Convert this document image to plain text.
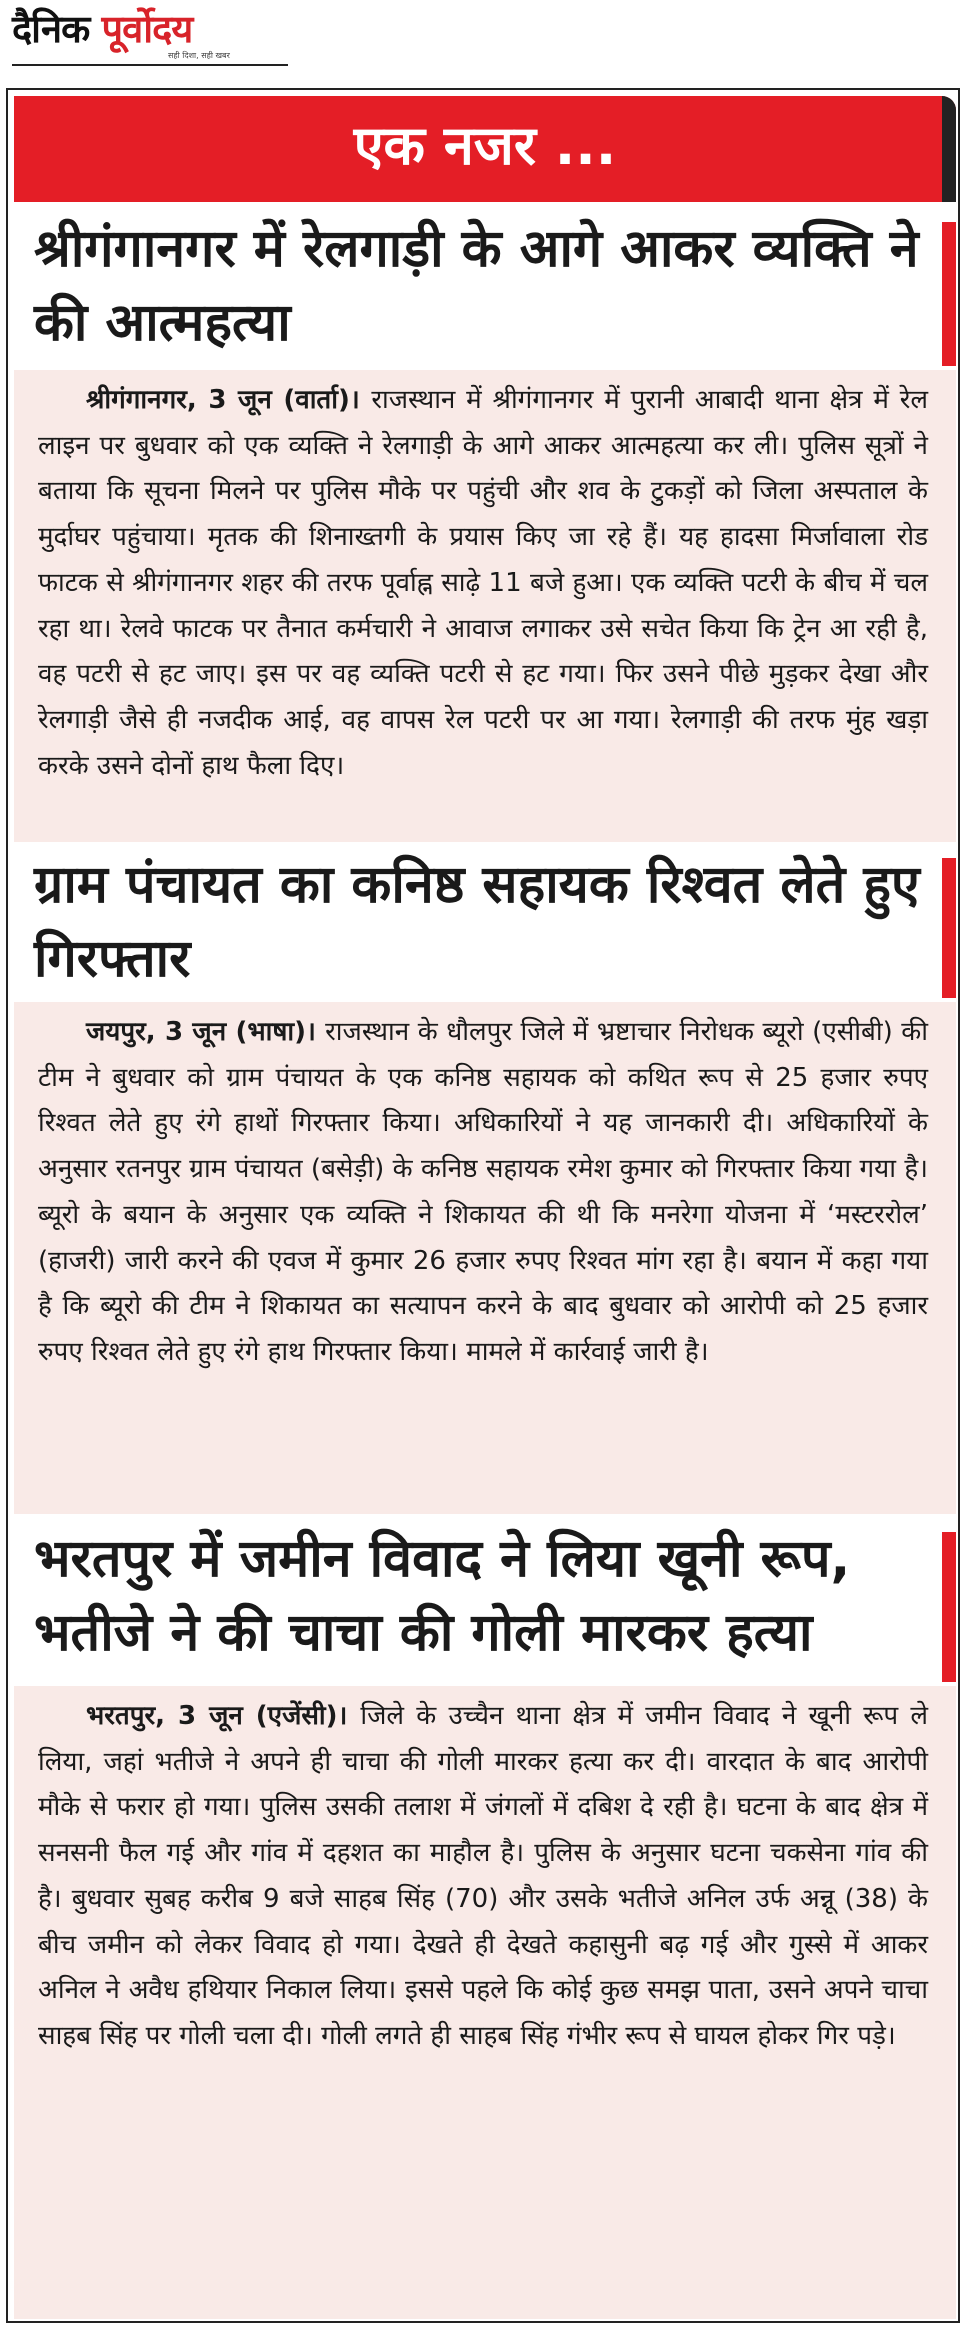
दैनिक पूर्वोदय
सही दिशा, सही खबर
एक नजर ...
श्रीगंगानगर में रेलगाड़ी के आगे आकर व्यक्ति ने की आत्महत्या
श्रीगंगानगर, 3 जून (वार्ता)। राजस्थान में श्रीगंगानगर में पुरानी आबादी थाना क्षेत्र में रेल लाइन पर बुधवार को एक व्यक्ति ने रेलगाड़ी के आगे आकर आत्महत्या कर ली। पुलिस सूत्रों ने बताया कि सूचना मिलने पर पुलिस मौके पर पहुंची और शव के टुकड़ों को जिला अस्पताल के मुर्दाघर पहुंचाया। मृतक की शिनाख्तगी के प्रयास किए जा रहे हैं। यह हादसा मिर्जावाला रोड फाटक से श्रीगंगानगर शहर की तरफ पूर्वाह्न साढ़े 11 बजे हुआ। एक व्यक्ति पटरी के बीच में चल रहा था। रेलवे फाटक पर तैनात कर्मचारी ने आवाज लगाकर उसे सचेत किया कि ट्रेन आ रही है, वह पटरी से हट जाए। इस पर वह व्यक्ति पटरी से हट गया। फिर उसने पीछे मुड़कर देखा और रेलगाड़ी जैसे ही नजदीक आई, वह वापस रेल पटरी पर आ गया। रेलगाड़ी की तरफ मुंह खड़ा करके उसने दोनों हाथ फैला दिए।
ग्राम पंचायत का कनिष्ठ सहायक रिश्वत लेते हुए गिरफ्तार
जयपुर, 3 जून (भाषा)। राजस्थान के धौलपुर जिले में भ्रष्टाचार निरोधक ब्यूरो (एसीबी) की टीम ने बुधवार को ग्राम पंचायत के एक कनिष्ठ सहायक को कथित रूप से 25 हजार रुपए रिश्वत लेते हुए रंगे हाथों गिरफ्तार किया। अधिकारियों ने यह जानकारी दी। अधिकारियों के अनुसार रतनपुर ग्राम पंचायत (बसेड़ी) के कनिष्ठ सहायक रमेश कुमार को गिरफ्तार किया गया है। ब्यूरो के बयान के अनुसार एक व्यक्ति ने शिकायत की थी कि मनरेगा योजना में ‘मस्टररोल’ (हाजरी) जारी करने की एवज में कुमार 26 हजार रुपए रिश्वत मांग रहा है। बयान में कहा गया है कि ब्यूरो की टीम ने शिकायत का सत्यापन करने के बाद बुधवार को आरोपी को 25 हजार रुपए रिश्वत लेते हुए रंगे हाथ गिरफ्तार किया। मामले में कार्रवाई जारी है।
भरतपुर में जमीन विवाद ने लिया खूनी रूप, भतीजे ने की चाचा की गोली मारकर हत्या
भरतपुर, 3 जून (एजेंसी)। जिले के उच्चैन थाना क्षेत्र में जमीन विवाद ने खूनी रूप ले लिया, जहां भतीजे ने अपने ही चाचा की गोली मारकर हत्या कर दी। वारदात के बाद आरोपी मौके से फरार हो गया। पुलिस उसकी तलाश में जंगलों में दबिश दे रही है। घटना के बाद क्षेत्र में सनसनी फैल गई और गांव में दहशत का माहौल है। पुलिस के अनुसार घटना चकसेना गांव की है। बुधवार सुबह करीब 9 बजे साहब सिंह (70) और उसके भतीजे अनिल उर्फ अन्नू (38) के बीच जमीन को लेकर विवाद हो गया। देखते ही देखते कहासुनी बढ़ गई और गुस्से में आकर अनिल ने अवैध हथियार निकाल लिया। इससे पहले कि कोई कुछ समझ पाता, उसने अपने चाचा साहब सिंह पर गोली चला दी। गोली लगते ही साहब सिंह गंभीर रूप से घायल होकर गिर पड़े।
